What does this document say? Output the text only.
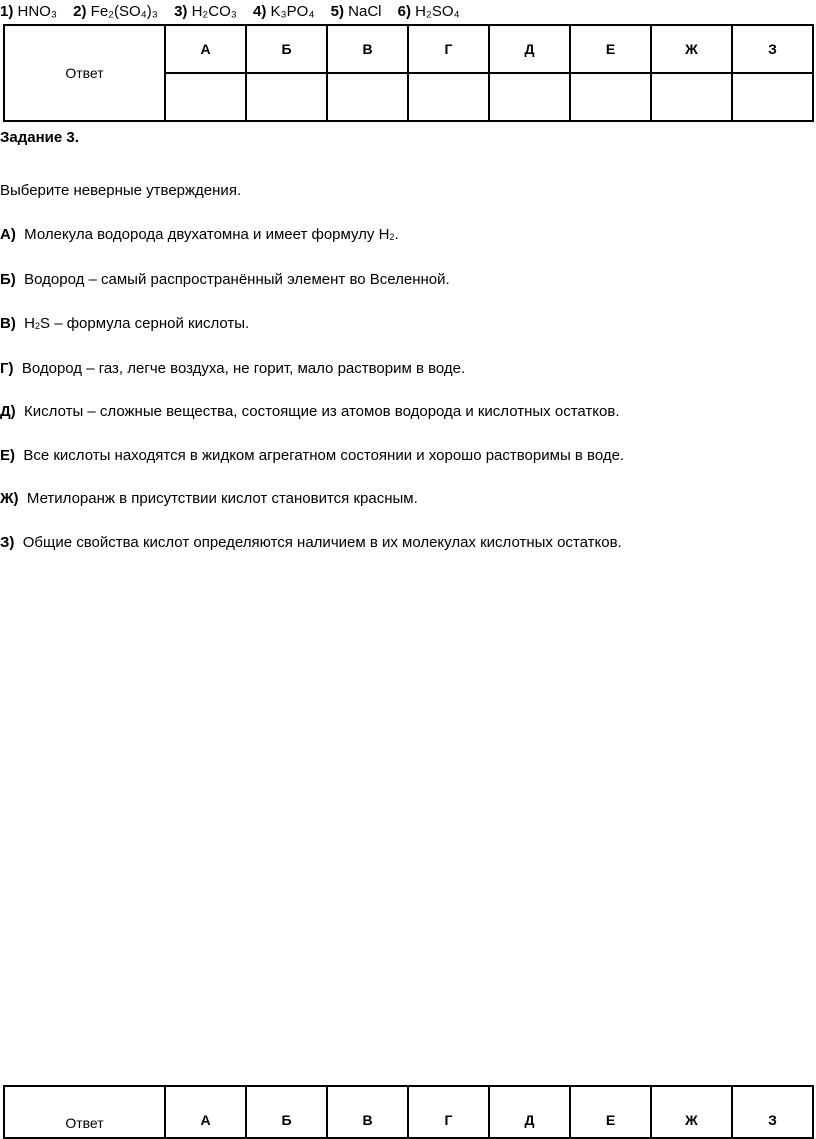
1) HNO₃ 2) Fe₂(SO₄)₃ 3) H₂CO₃ 4) K₃PO₄ 5) NaCl 6) H₂SO₄
Ответ	А	Б	В	Г	Д	Е	Ж	З

Задание 3.
Выберите неверные утверждения.
А) Молекула водорода двухатомна и имеет формулу $H_2$.
Б) Водород – самый распространённый элемент во Вселенной.
В) $H_2S$ – формула серной кислоты.
Г) Водород – газ, легче воздуха, не горит, мало растворим в воде.
Д) Кислоты – сложные вещества, состоящие из атомов водорода и кислотных остатков.
Е) Все кислоты находятся в жидком агрегатном состоянии и хорошо растворимы в воде.
Ж) Метилоранж в присутствии кислот становится красным.
З) Общие свойства кислот определяются наличием в их молекулах кислотных остатков.
Ответ	А	Б	В	Г	Д	Е	Ж	З
